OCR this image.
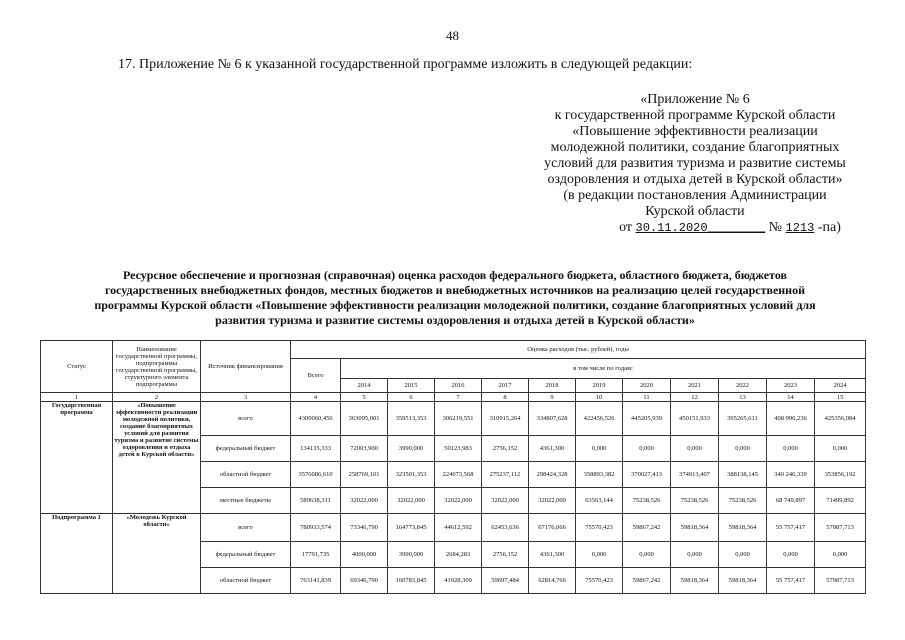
48
17. Приложение № 6 к указанной государственной программе изложить в следующей редакции:
«Приложение № 6
к государственной программе Курской области
«Повышение эффективности реализации
молодежной политики, создание благоприятных
условий для развития туризма и развитие системы
оздоровления и отдыха детей в Курской области»
(в редакции постановления Администрации
Курской области
от 30.11.2020________ № 1213 -па)
Ресурсное обеспечение и прогнозная (справочная) оценка расходов федерального бюджета, областного бюджета, бюджетов
государственных внебюджетных фондов, местных бюджетов и внебюджетных источников на реализацию целей государственной
программы Курской области «Повышение эффективности реализации молодежной политики, создание благоприятных условий для
развития туризма и развитие системы оздоровления и отдыха детей в Курской области»
Статус	Наименование государственной программы, подпрограммы государственной программы, структурного элемента подпрограммы	Источник финансирования	Оценка расходов (тыс. рублей), годы											
			Всего	в том числе по годам:										
				2014	2015	2016	2017	2018	2019	2020	2021	2022	2023	2024
1	2	3	4	5	6	7	8	9	10	11	12	13	14	15
Государственная программа	«Повышение эффективности реализации молодежной политики, создание благоприятных условий для развития туризма и развитие системы оздоровления и отдыха детей в Курской области»	всего	4300060,456	363095,001	359513,353	306219,551	310915,264	334807,628	422456,526	445205,939	450151,933	395265,611	408 996,236	425356,084
		федеральный бюджет	134135,333	72003,900	3990,000	50123,983	2756,152	4361,300	0,000	0,000	0,000	0,000	0,000	0,000
		областной бюджет	3576086,610	258769,101	323501,353	224073,568	275237,112	298424,328	358893,382	370027,413	374913,407	388138,145	340 246,339	353856,192
		местные бюджеты	589638,311	32022,000	32022,000	32022,000	32022,000	32022,000	63563,144	75238,526	75238,526	75238,526	68 749,897	71499,892
Подпрограмма 1	«Молодежь Курской области»	всего	780933,574	73346,790	164773,845	44612,592	62453,636	67176,066	75570,423	59867,242	59818,364	59818,364	55 757,417	57987,713
		федеральный бюджет	17791,735	4000,000	3990,000	2684,283	2756,152	4361,300	0,000	0,000	0,000	0,000	0,000	0,000
		областной бюджет	763141,839	69346,790	160783,845	41928,309	59697,484	62814,766	75570,423	59867,242	59818,364	59818,364	55 757,417	57987,713
